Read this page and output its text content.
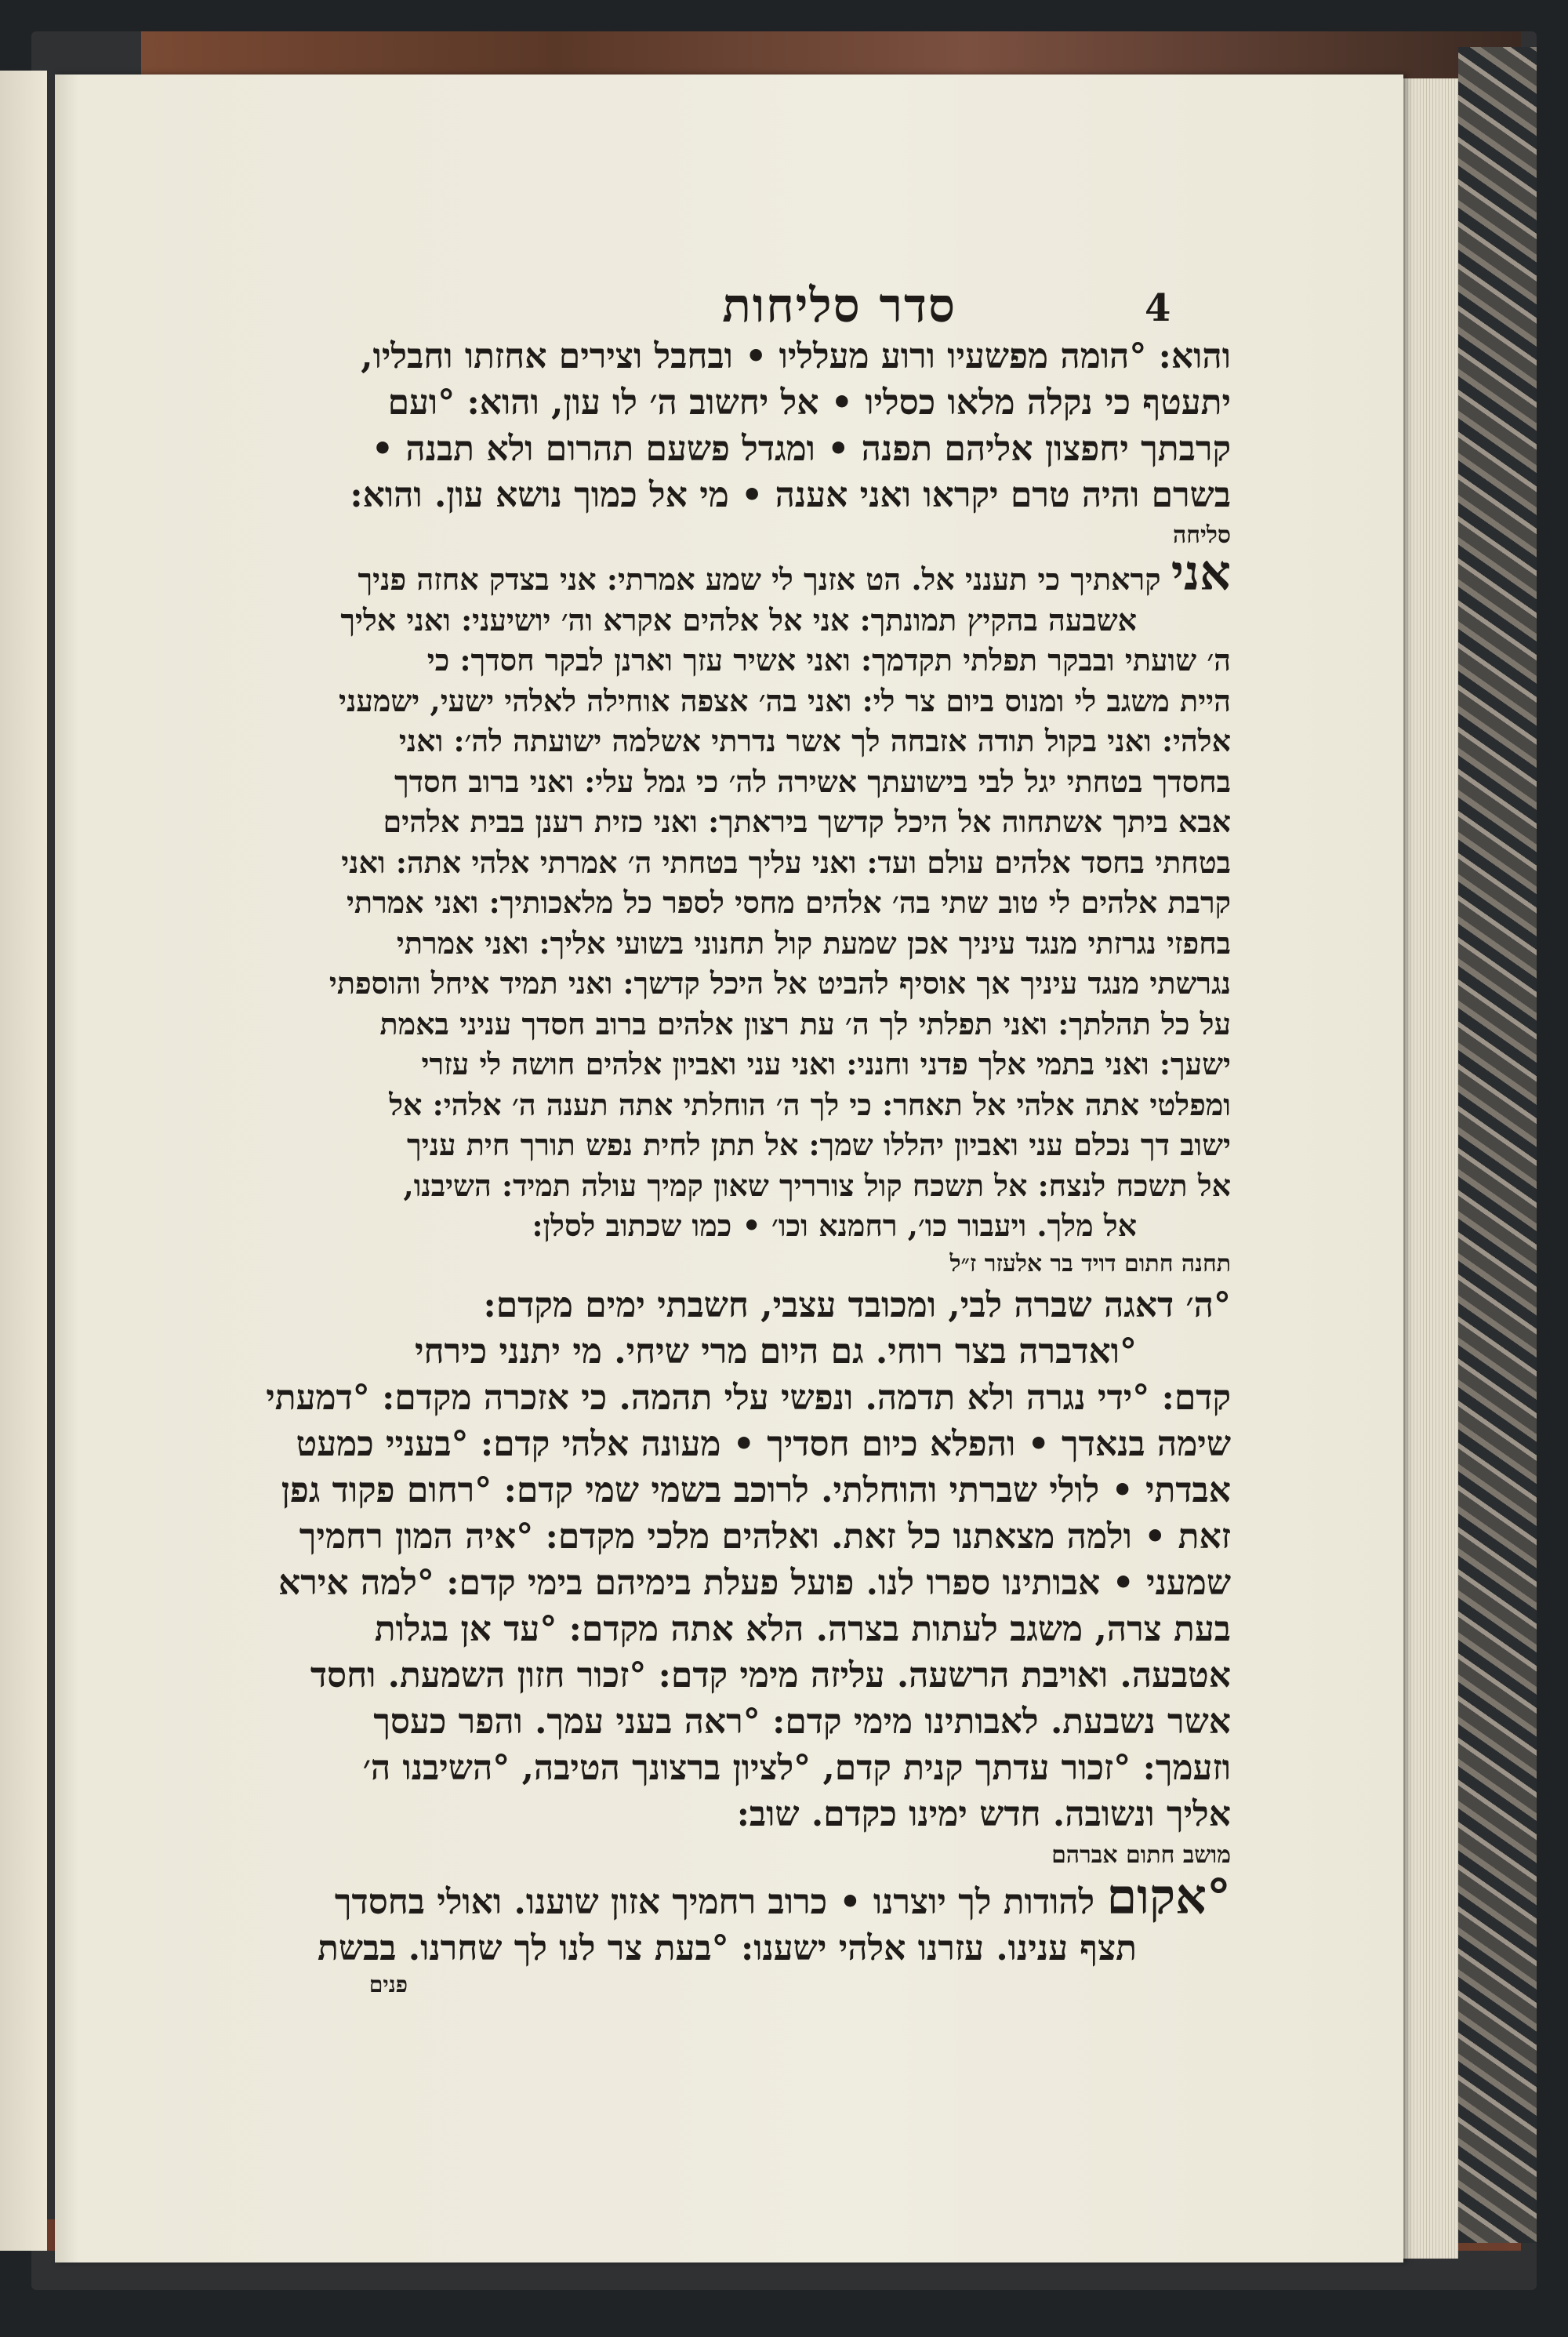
סדר סליחות	4

והוא: °הומה מפשעיו ורוע מעלליו • ובחבל וצירים אחזתו וחבליו,

יתעטף כי נקלה מלאו כסליו • אל יחשוב ה׳ לו עון, והוא: °ועם

קרבתך יחפצון אליהם תפנה • ומגדל פשעם תהרום ולא תבנה •

בשרם והיה טרם יקראו ואני אענה • מי אל כמוך נושא עון. והוא:

סליחה

אני קראתיך כי תענני אל. הט אזנך לי שמע אמרתי: אני בצדק אחזה פניך

אשבעה בהקיץ תמונתך: אני אל אלהים אקרא וה׳ יושיעני: ואני אליך

ה׳ שועתי ובבקר תפלתי תקדמך: ואני אשיר עזך וארנן לבקר חסדך: כי

היית משגב לי ומנוס ביום צר לי: ואני בה׳ אצפה אוחילה לאלהי ישעי, ישמעני

אלהי: ואני בקול תודה אזבחה לך אשר נדרתי אשלמה ישועתה לה׳: ואני

בחסדך בטחתי יגל לבי בישועתך אשירה לה׳ כי גמל עלי: ואני ברוב חסדך

אבא ביתך אשתחוה אל היכל קדשך ביראתך: ואני כזית רענן בבית אלהים

בטחתי בחסד אלהים עולם ועד: ואני עליך בטחתי ה׳ אמרתי אלהי אתה: ואני

קרבת אלהים לי טוב שתי בה׳ אלהים מחסי לספר כל מלאכותיך: ואני אמרתי

בחפזי נגרזתי מנגד עיניך אכן שמעת קול תחנוני בשועי אליך: ואני אמרתי

נגרשתי מנגד עיניך אך אוסיף להביט אל היכל קדשך: ואני תמיד איחל והוספתי

על כל תהלתך: ואני תפלתי לך ה׳ עת רצון אלהים ברוב חסדך עניני באמת

ישעך: ואני בתמי אלך פדני וחנני: ואני עני ואביון אלהים חושה לי עזרי

ומפלטי אתה אלהי אל תאחר: כי לך ה׳ הוחלתי אתה תענה ה׳ אלהי: אל

ישוב דך נכלם עני ואביון יהללו שמך: אל תתן לחית נפש תורך חית עניך

אל תשכח לנצח: אל תשכח קול צורריך שאון קמיך עולה תמיד: השיבנו,

אל מלך. ויעבור כו׳, רחמנא וכו׳ • כמו שכתוב לסלן:

תחנה חתום דויד בר אלעזר ז״ל

°ה׳ דאגה שברה לבי, ומכובד עצבי, חשבתי ימים מקדם:

°ואדברה בצר רוחי. גם היום מרי שיחי. מי יתנני כירחי

קדם: °ידי נגרה ולא תדמה. ונפשי עלי תהמה. כי אזכרה מקדם: °דמעתי

שימה בנאדך • והפלא כיום חסדיך • מעונה אלהי קדם: °בעניי כמעט

אבדתי • לולי שברתי והוחלתי. לרוכב בשמי שמי קדם: °רחום פקוד גפן

זאת • ולמה מצאתנו כל זאת. ואלהים מלכי מקדם: °איה המון רחמיך

שמעני • אבותינו ספרו לנו. פועל פעלת בימיהם בימי קדם: °למה אירא

בעת צרה, משגב לעתות בצרה. הלא אתה מקדם: °עד אן בגלות

אטבעה. ואויבת הרשעה. עליזה מימי קדם: °זכור חזון השמעת. וחסד

אשר נשבעת. לאבותינו מימי קדם: °ראה בעני עמך. והפר כעסך

וזעמך: °זכור עדתך קנית קדם, °לציון ברצונך הטיבה, °השיבנו ה׳

אליך ונשובה. חדש ימינו כקדם. שוב:

מושב חתום אברהם

°אקום להודות לך יוצרנו • כרוב רחמיך אזון שוענו. ואולי בחסדך

תצף ענינו. עזרנו אלהי ישענו: °בעת צר לנו לך שחרנו. בבשת

פנים
